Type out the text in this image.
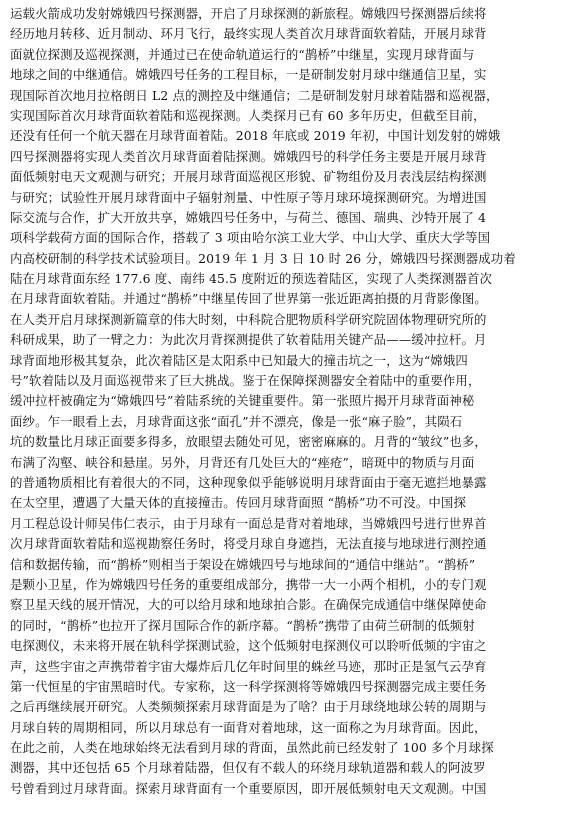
运载火箭成功发射嫦娥四号探测器，开启了月球探测的新旅程。嫦娥四号探测器后续将
经历地月转移、近月制动、环月飞行，最终实现人类首次月球背面软着陆，开展月球背
面就位探测及巡视探测，并通过已在使命轨道运行的“鹊桥”中继星，实现月球背面与
地球之间的中继通信。嫦娥四号任务的工程目标，一是研制发射月球中继通信卫星，实
现国际首次地月拉格朗日 L2 点的测控及中继通信；二是研制发射月球着陆器和巡视器，
实现国际首次月球背面软着陆和巡视探测。人类探月已有 60 多年历史，但截至目前，
还没有任何一个航天器在月球背面着陆。2018 年底或 2019 年初，中国计划发射的嫦娥
四号探测器将实现人类首次月球背面着陆探测。嫦娥四号的科学任务主要是开展月球背
面低频射电天文观测与研究；开展月球背面巡视区形貌、矿物组份及月表浅层结构探测
与研究；试验性开展月球背面中子辐射剂量、中性原子等月球环境探测研究。为增进国
际交流与合作，扩大开放共享，嫦娥四号任务中，与荷兰、德国、瑞典、沙特开展了 4
项科学载荷方面的国际合作，搭载了 3 项由哈尔滨工业大学、中山大学、重庆大学等国
内高校研制的科学技术试验项目。2019 年 1 月 3 日 10 时 26 分，嫦娥四号探测器成功着
陆在月球背面东经 177.6 度、南纬 45.5 度附近的预选着陆区，实现了人类探测器首次
在月球背面软着陆。并通过“鹊桥”中继星传回了世界第一张近距离拍摄的月背影像图。
在人类开启月球探测新篇章的伟大时刻，中科院合肥物质科学研究院固体物理研究所的
科研成果，助了一臂之力：为此次月背探测提供了软着陆用关键产品——缓冲拉杆。月
球背面地形极其复杂，此次着陆区是太阳系中已知最大的撞击坑之一，这为“嫦娥四
号”软着陆以及月面巡视带来了巨大挑战。鉴于在保障探测器安全着陆中的重要作用，
缓冲拉杆被确定为“嫦娥四号”着陆系统的关键重要件。第一张照片揭开月球背面神秘
面纱。乍一眼看上去，月球背面这张“面孔”并不漂亮，像是一张“麻子脸”，其陨石
坑的数量比月球正面要多得多，放眼望去随处可见，密密麻麻的。月背的“皱纹”也多，
布满了沟壑、峡谷和悬崖。另外，月背还有几处巨大的“痤疮”，暗斑中的物质与月面
的普通物质相比有着很大的不同，这种现象似乎能够说明月球背面由于毫无遮拦地暴露
在太空里，遭遇了大量天体的直接撞击。传回月球背面照 “鹊桥”功不可没。中国探
月工程总设计师吴伟仁表示，由于月球有一面总是背对着地球，当嫦娥四号进行世界首
次月球背面软着陆和巡视勘察任务时，将受月球自身遮挡，无法直接与地球进行测控通
信和数据传输，而“鹊桥”则相当于架设在嫦娥四号与地球间的“通信中继站”。“鹊桥”
是颗小卫星，作为嫦娥四号任务的重要组成部分，携带一大一小两个相机，小的专门观
察卫星天线的展开情况，大的可以给月球和地球拍合影。在确保完成通信中继保障使命
的同时，“鹊桥”也拉开了探月国际合作的新序幕。“鹊桥”携带了由荷兰研制的低频射
电探测仪，未来将开展在轨科学探测试验，这个低频射电探测仪可以聆听低频的宇宙之
声，这些宇宙之声携带着宇宙大爆炸后几亿年时间里的蛛丝马迹，那时正是氢气云孕育
第一代恒星的宇宙黑暗时代。专家称，这一科学探测将等嫦娥四号探测器完成主要任务
之后再继续展开研究。人类频频探索月球背面是为了啥？由于月球绕地球公转的周期与
月球自转的周期相同，所以月球总有一面背对着地球，这一面称之为月球背面。因此，
在此之前，人类在地球始终无法看到月球的背面，虽然此前已经发射了 100 多个月球探
测器，其中还包括 65 个月球着陆器，但仅有不载人的环绕月球轨道器和载人的阿波罗
号曾看到过月球背面。探索月球背面有一个重要原因，即开展低频射电天文观测。中国
